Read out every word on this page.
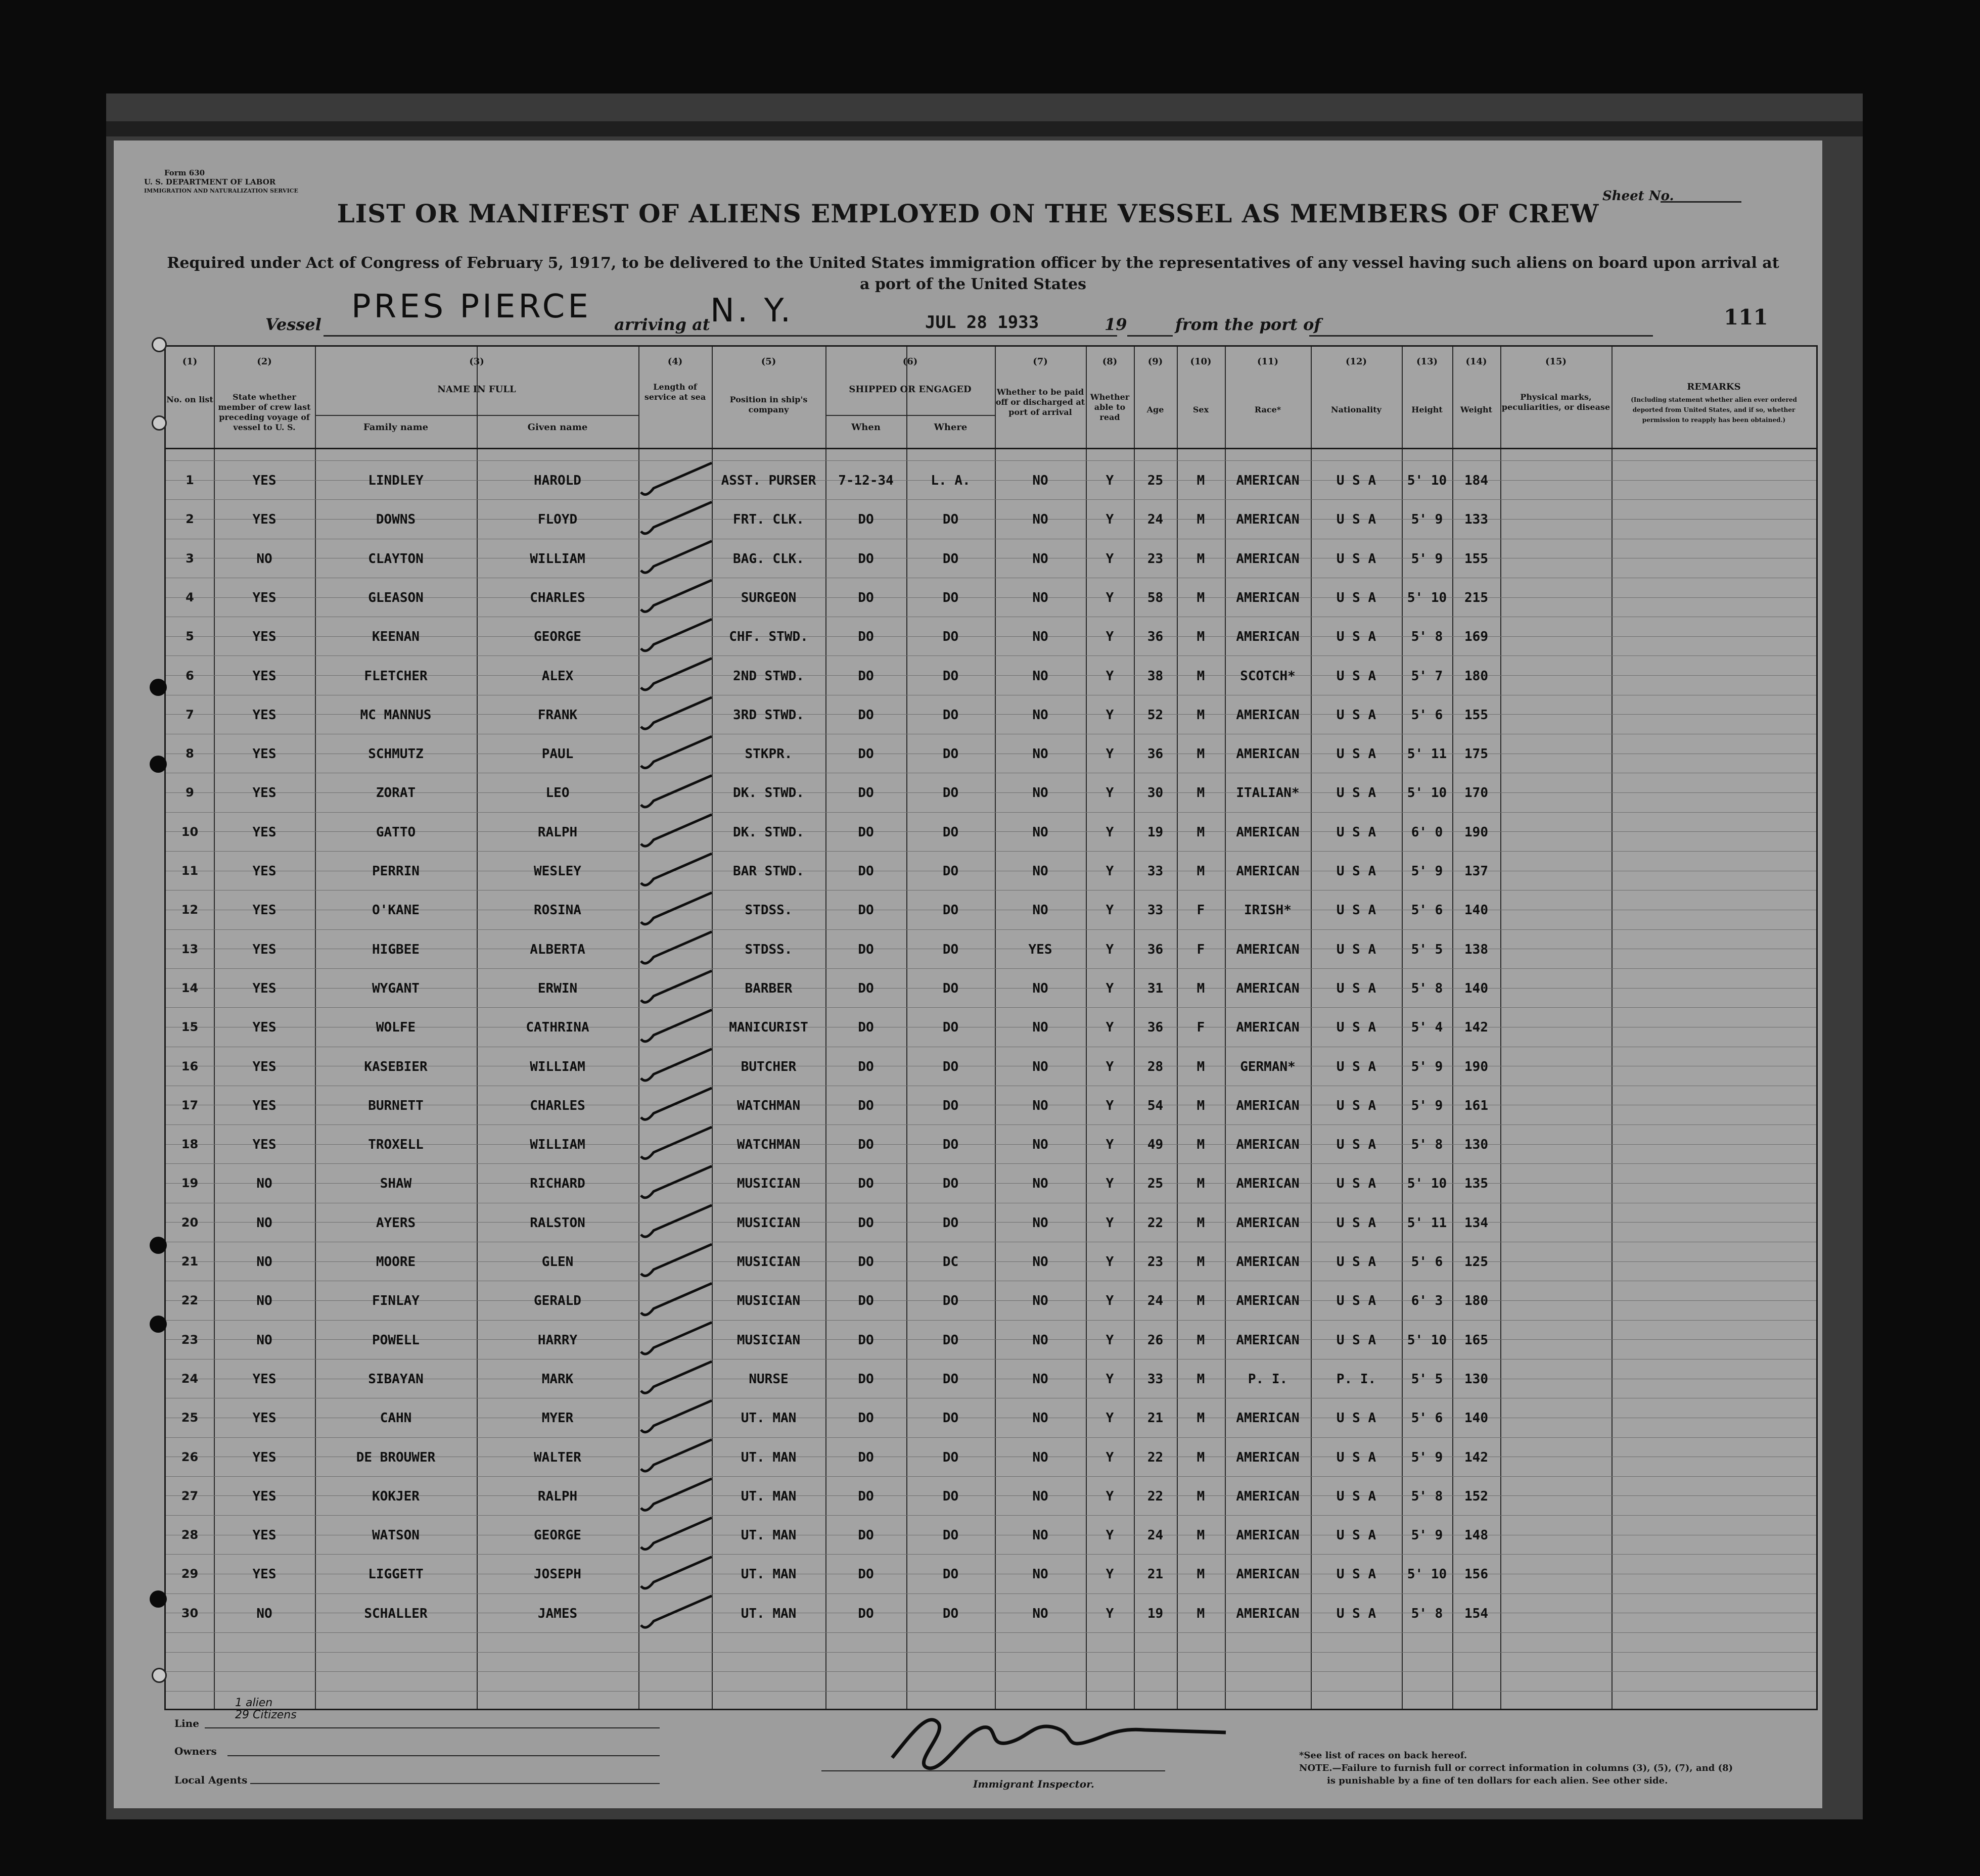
Form 630
U. S. DEPARTMENT OF LABOR
IMMIGRATION AND NATURALIZATION SERVICE	Sheet No.
LIST OR MANIFEST OF ALIENS EMPLOYED ON THE VESSEL AS MEMBERS OF CREW
Required under Act of Congress of February 5, 1917, to be delivered to the United States immigration officer by the representatives of any vessel having such aliens on board upon arrival at a port of the United States
Vessel PRES PIERCE arriving at N. Y.	JUL 28 1933	19	from the port of	111
(1)
No. on list
(2)
State whether member of crew last preceding voyage of vessel to U. S.
(4)
Length of service at sea
(5)
Position in ship's company
(7)
Whether to be paid off or discharged at port of arrival
(8)
Whether able to read
(9)
Age
(10)
Sex
(11)
Race*
(12)
Nationality
(13)
Height
(14)
Weight
(15)
Physical marks, peculiarities, or disease
(3)
NAME IN FULL
Family name	Given name
(6)
SHIPPED OR ENGAGED
When	Where
REMARKS
(Including statement whether alien ever ordered deported from United States, and if so, whether permission to reapply has been obtained.)
1	YES	LINDLEY	HAROLD	ASST. PURSER	7-12-34	L. A.	NO	Y	25	M	AMERICAN	U S A	5' 10	184
2	YES	DOWNS	FLOYD	FRT. CLK.	DO	DO	NO	Y	24	M	AMERICAN	U S A	5' 9	133
3	NO	CLAYTON	WILLIAM	BAG. CLK.	DO	DO	NO	Y	23	M	AMERICAN	U S A	5' 9	155
4	YES	GLEASON	CHARLES	SURGEON	DO	DO	NO	Y	58	M	AMERICAN	U S A	5' 10	215
5	YES	KEENAN	GEORGE	CHF. STWD.	DO	DO	NO	Y	36	M	AMERICAN	U S A	5' 8	169
6	YES	FLETCHER	ALEX	2ND STWD.	DO	DO	NO	Y	38	M	SCOTCH*	U S A	5' 7	180
7	YES	MC MANNUS	FRANK	3RD STWD.	DO	DO	NO	Y	52	M	AMERICAN	U S A	5' 6	155
8	YES	SCHMUTZ	PAUL	STKPR.	DO	DO	NO	Y	36	M	AMERICAN	U S A	5' 11	175
9	YES	ZORAT	LEO	DK. STWD.	DO	DO	NO	Y	30	M	ITALIAN*	U S A	5' 10	170
10	YES	GATTO	RALPH	DK. STWD.	DO	DO	NO	Y	19	M	AMERICAN	U S A	6' 0	190
11	YES	PERRIN	WESLEY	BAR STWD.	DO	DO	NO	Y	33	M	AMERICAN	U S A	5' 9	137
12	YES	O'KANE	ROSINA	STDSS.	DO	DO	NO	Y	33	F	IRISH*	U S A	5' 6	140
13	YES	HIGBEE	ALBERTA	STDSS.	DO	DO	YES	Y	36	F	AMERICAN	U S A	5' 5	138
14	YES	WYGANT	ERWIN	BARBER	DO	DO	NO	Y	31	M	AMERICAN	U S A	5' 8	140
15	YES	WOLFE	CATHRINA	MANICURIST	DO	DO	NO	Y	36	F	AMERICAN	U S A	5' 4	142
16	YES	KASEBIER	WILLIAM	BUTCHER	DO	DO	NO	Y	28	M	GERMAN*	U S A	5' 9	190
17	YES	BURNETT	CHARLES	WATCHMAN	DO	DO	NO	Y	54	M	AMERICAN	U S A	5' 9	161
18	YES	TROXELL	WILLIAM	WATCHMAN	DO	DO	NO	Y	49	M	AMERICAN	U S A	5' 8	130
19	NO	SHAW	RICHARD	MUSICIAN	DO	DO	NO	Y	25	M	AMERICAN	U S A	5' 10	135
20	NO	AYERS	RALSTON	MUSICIAN	DO	DO	NO	Y	22	M	AMERICAN	U S A	5' 11	134
21	NO	MOORE	GLEN	MUSICIAN	DO	DC	NO	Y	23	M	AMERICAN	U S A	5' 6	125
22	NO	FINLAY	GERALD	MUSICIAN	DO	DO	NO	Y	24	M	AMERICAN	U S A	6' 3	180
23	NO	POWELL	HARRY	MUSICIAN	DO	DO	NO	Y	26	M	AMERICAN	U S A	5' 10	165
24	YES	SIBAYAN	MARK	NURSE	DO	DO	NO	Y	33	M	P. I.	P. I.	5' 5	130
25	YES	CAHN	MYER	UT. MAN	DO	DO	NO	Y	21	M	AMERICAN	U S A	5' 6	140
26	YES	DE BROUWER	WALTER	UT. MAN	DO	DO	NO	Y	22	M	AMERICAN	U S A	5' 9	142
27	YES	KOKJER	RALPH	UT. MAN	DO	DO	NO	Y	22	M	AMERICAN	U S A	5' 8	152
28	YES	WATSON	GEORGE	UT. MAN	DO	DO	NO	Y	24	M	AMERICAN	U S A	5' 9	148
29	YES	LIGGETT	JOSEPH	UT. MAN	DO	DO	NO	Y	21	M	AMERICAN	U S A	5' 10	156
30	NO	SCHALLER	JAMES	UT. MAN	DO	DO	NO	Y	19	M	AMERICAN	U S A	5' 8	154
Line
1 alien
29 Citizens
Owners
Local Agents	Immigrant Inspector.
*See list of races on back hereof.
NOTE.—Failure to furnish full or correct information in columns (3), (5), (7), and (8)
is punishable by a fine of ten dollars for each alien. See other side.
